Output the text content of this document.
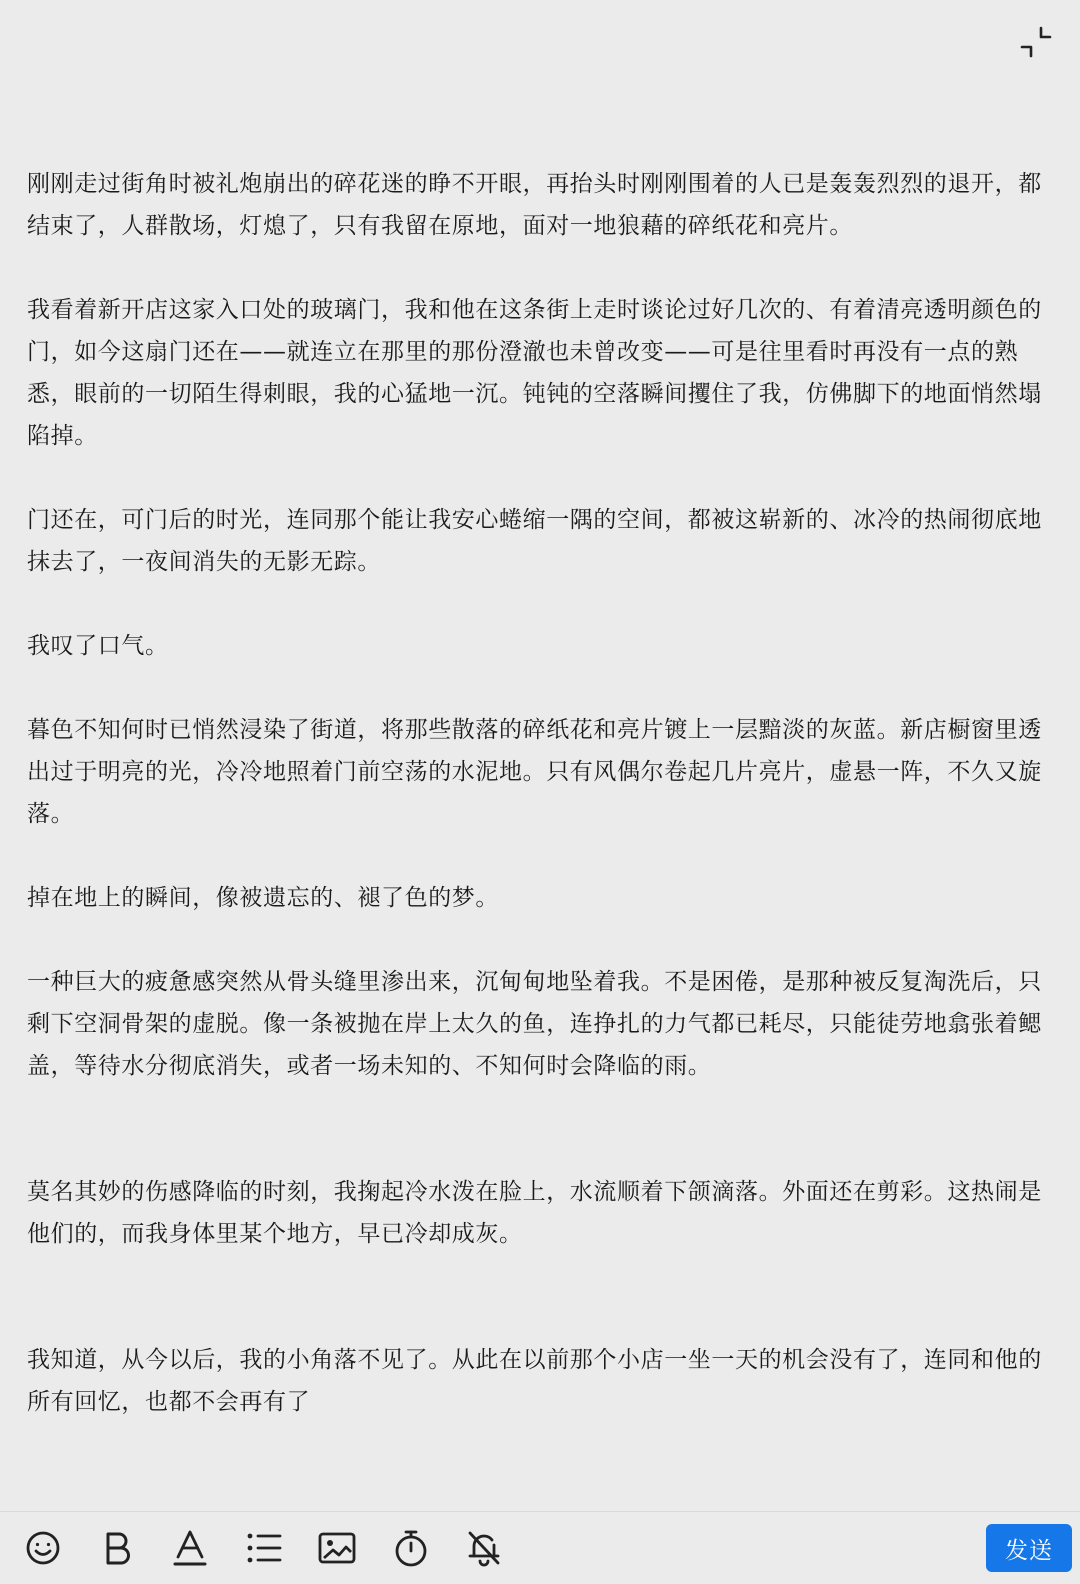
刚刚走过街角时被礼炮崩出的碎花迷的睁不开眼，再抬头时刚刚围着的人已是轰轰烈烈的退开，都结束了，人群散场，灯熄了，只有我留在原地，面对一地狼藉的碎纸花和亮片。

我看着新开店这家入口处的玻璃门，我和他在这条街上走时谈论过好几次的、有着清亮透明颜色的门，如今这扇门还在——就连立在那里的那份澄澈也未曾改变——可是往里看时再没有一点的熟悉，眼前的一切陌生得刺眼，我的心猛地一沉。钝钝的空落瞬间攫住了我，仿佛脚下的地面悄然塌陷掉。

门还在，可门后的时光，连同那个能让我安心蜷缩一隅的空间，都被这崭新的、冰冷的热闹彻底地抹去了，一夜间消失的无影无踪。

我叹了口气。

暮色不知何时已悄然浸染了街道，将那些散落的碎纸花和亮片镀上一层黯淡的灰蓝。新店橱窗里透出过于明亮的光，冷冷地照着门前空荡的水泥地。只有风偶尔卷起几片亮片，虚悬一阵，不久又旋落。

掉在地上的瞬间，像被遗忘的、褪了色的梦。

一种巨大的疲惫感突然从骨头缝里渗出来，沉甸甸地坠着我。不是困倦，是那种被反复淘洗后，只剩下空洞骨架的虚脱。像一条被抛在岸上太久的鱼，连挣扎的力气都已耗尽，只能徒劳地翕张着鳃盖，等待水分彻底消失，或者一场未知的、不知何时会降临的雨。

莫名其妙的伤感降临的时刻，我掬起冷水泼在脸上，水流顺着下颌滴落。外面还在剪彩。这热闹是他们的，而我身体里某个地方，早已冷却成灰。

我知道，从今以后，我的小角落不见了。从此在以前那个小店一坐一天的机会没有了，连同和他的所有回忆，也都不会再有了

发送
